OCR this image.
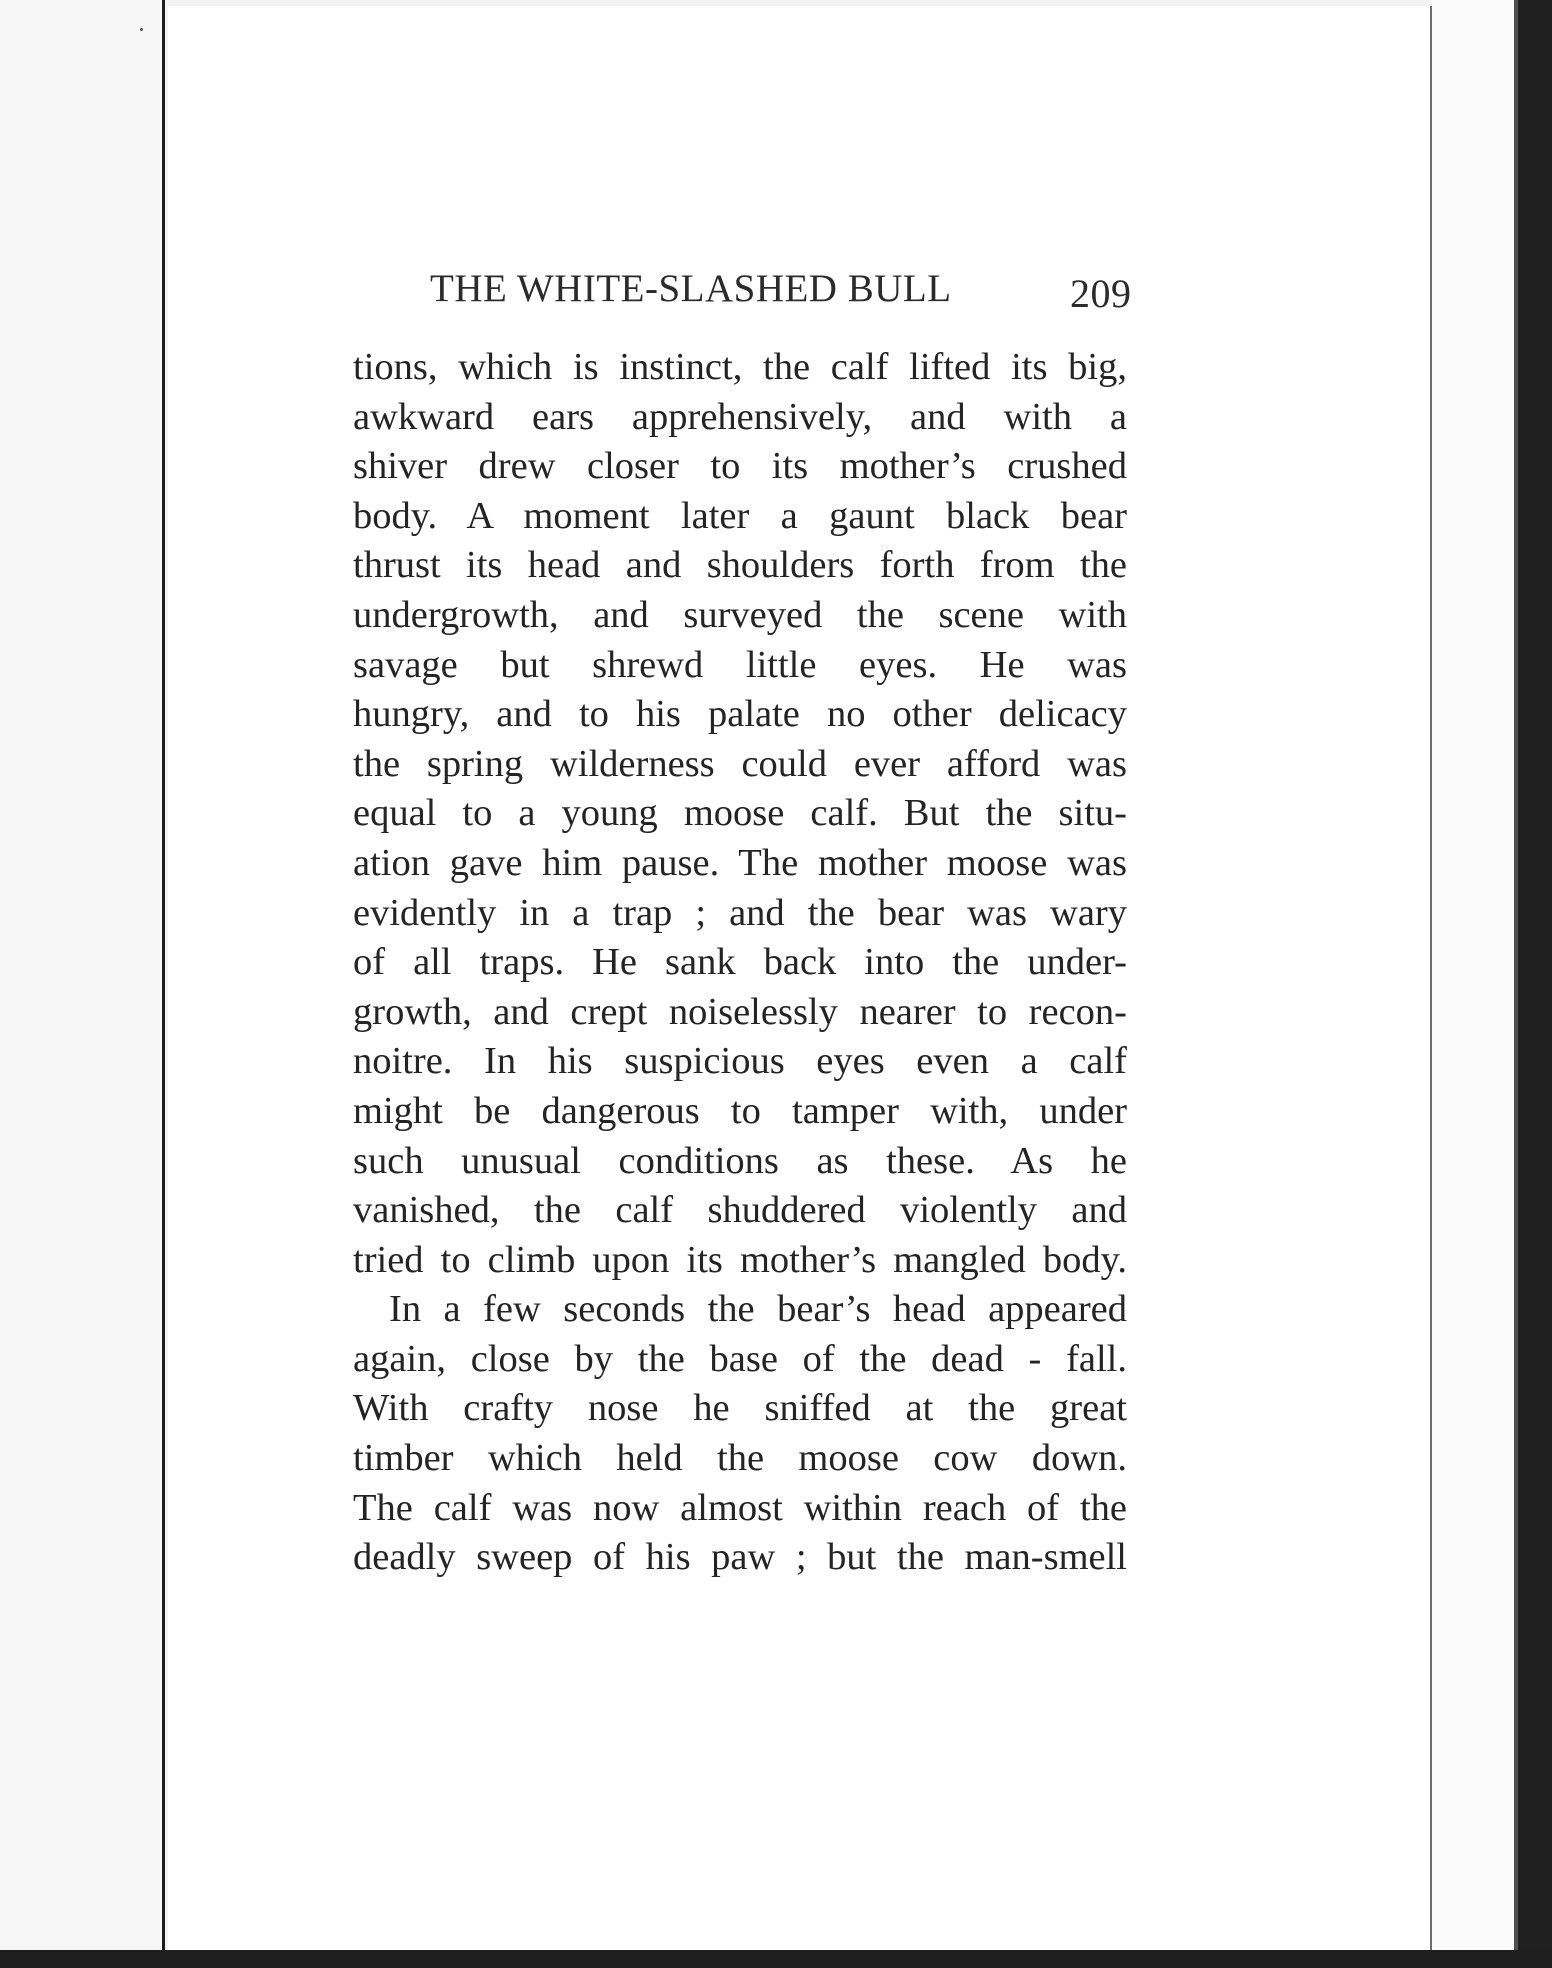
THE WHITE-SLASHED BULL	209
tions, which is instinct, the calf lifted its big,
awkward ears apprehensively, and with a
shiver drew closer to its mother’s crushed
body. A moment later a gaunt black bear
thrust its head and shoulders forth from the
undergrowth, and surveyed the scene with
savage but shrewd little eyes. He was
hungry, and to his palate no other delicacy
the spring wilderness could ever afford was
equal to a young moose calf. But the situ-
ation gave him pause. The mother moose was
evidently in a trap ; and the bear was wary
of all traps. He sank back into the under-
growth, and crept noiselessly nearer to recon-
noitre. In his suspicious eyes even a calf
might be dangerous to tamper with, under
such unusual conditions as these. As he
vanished, the calf shuddered violently and
tried to climb upon its mother’s mangled body.
In a few seconds the bear’s head appeared
again, close by the base of the dead - fall.
With crafty nose he sniffed at the great
timber which held the moose cow down.
The calf was now almost within reach of the
deadly sweep of his paw ; but the man-smell
